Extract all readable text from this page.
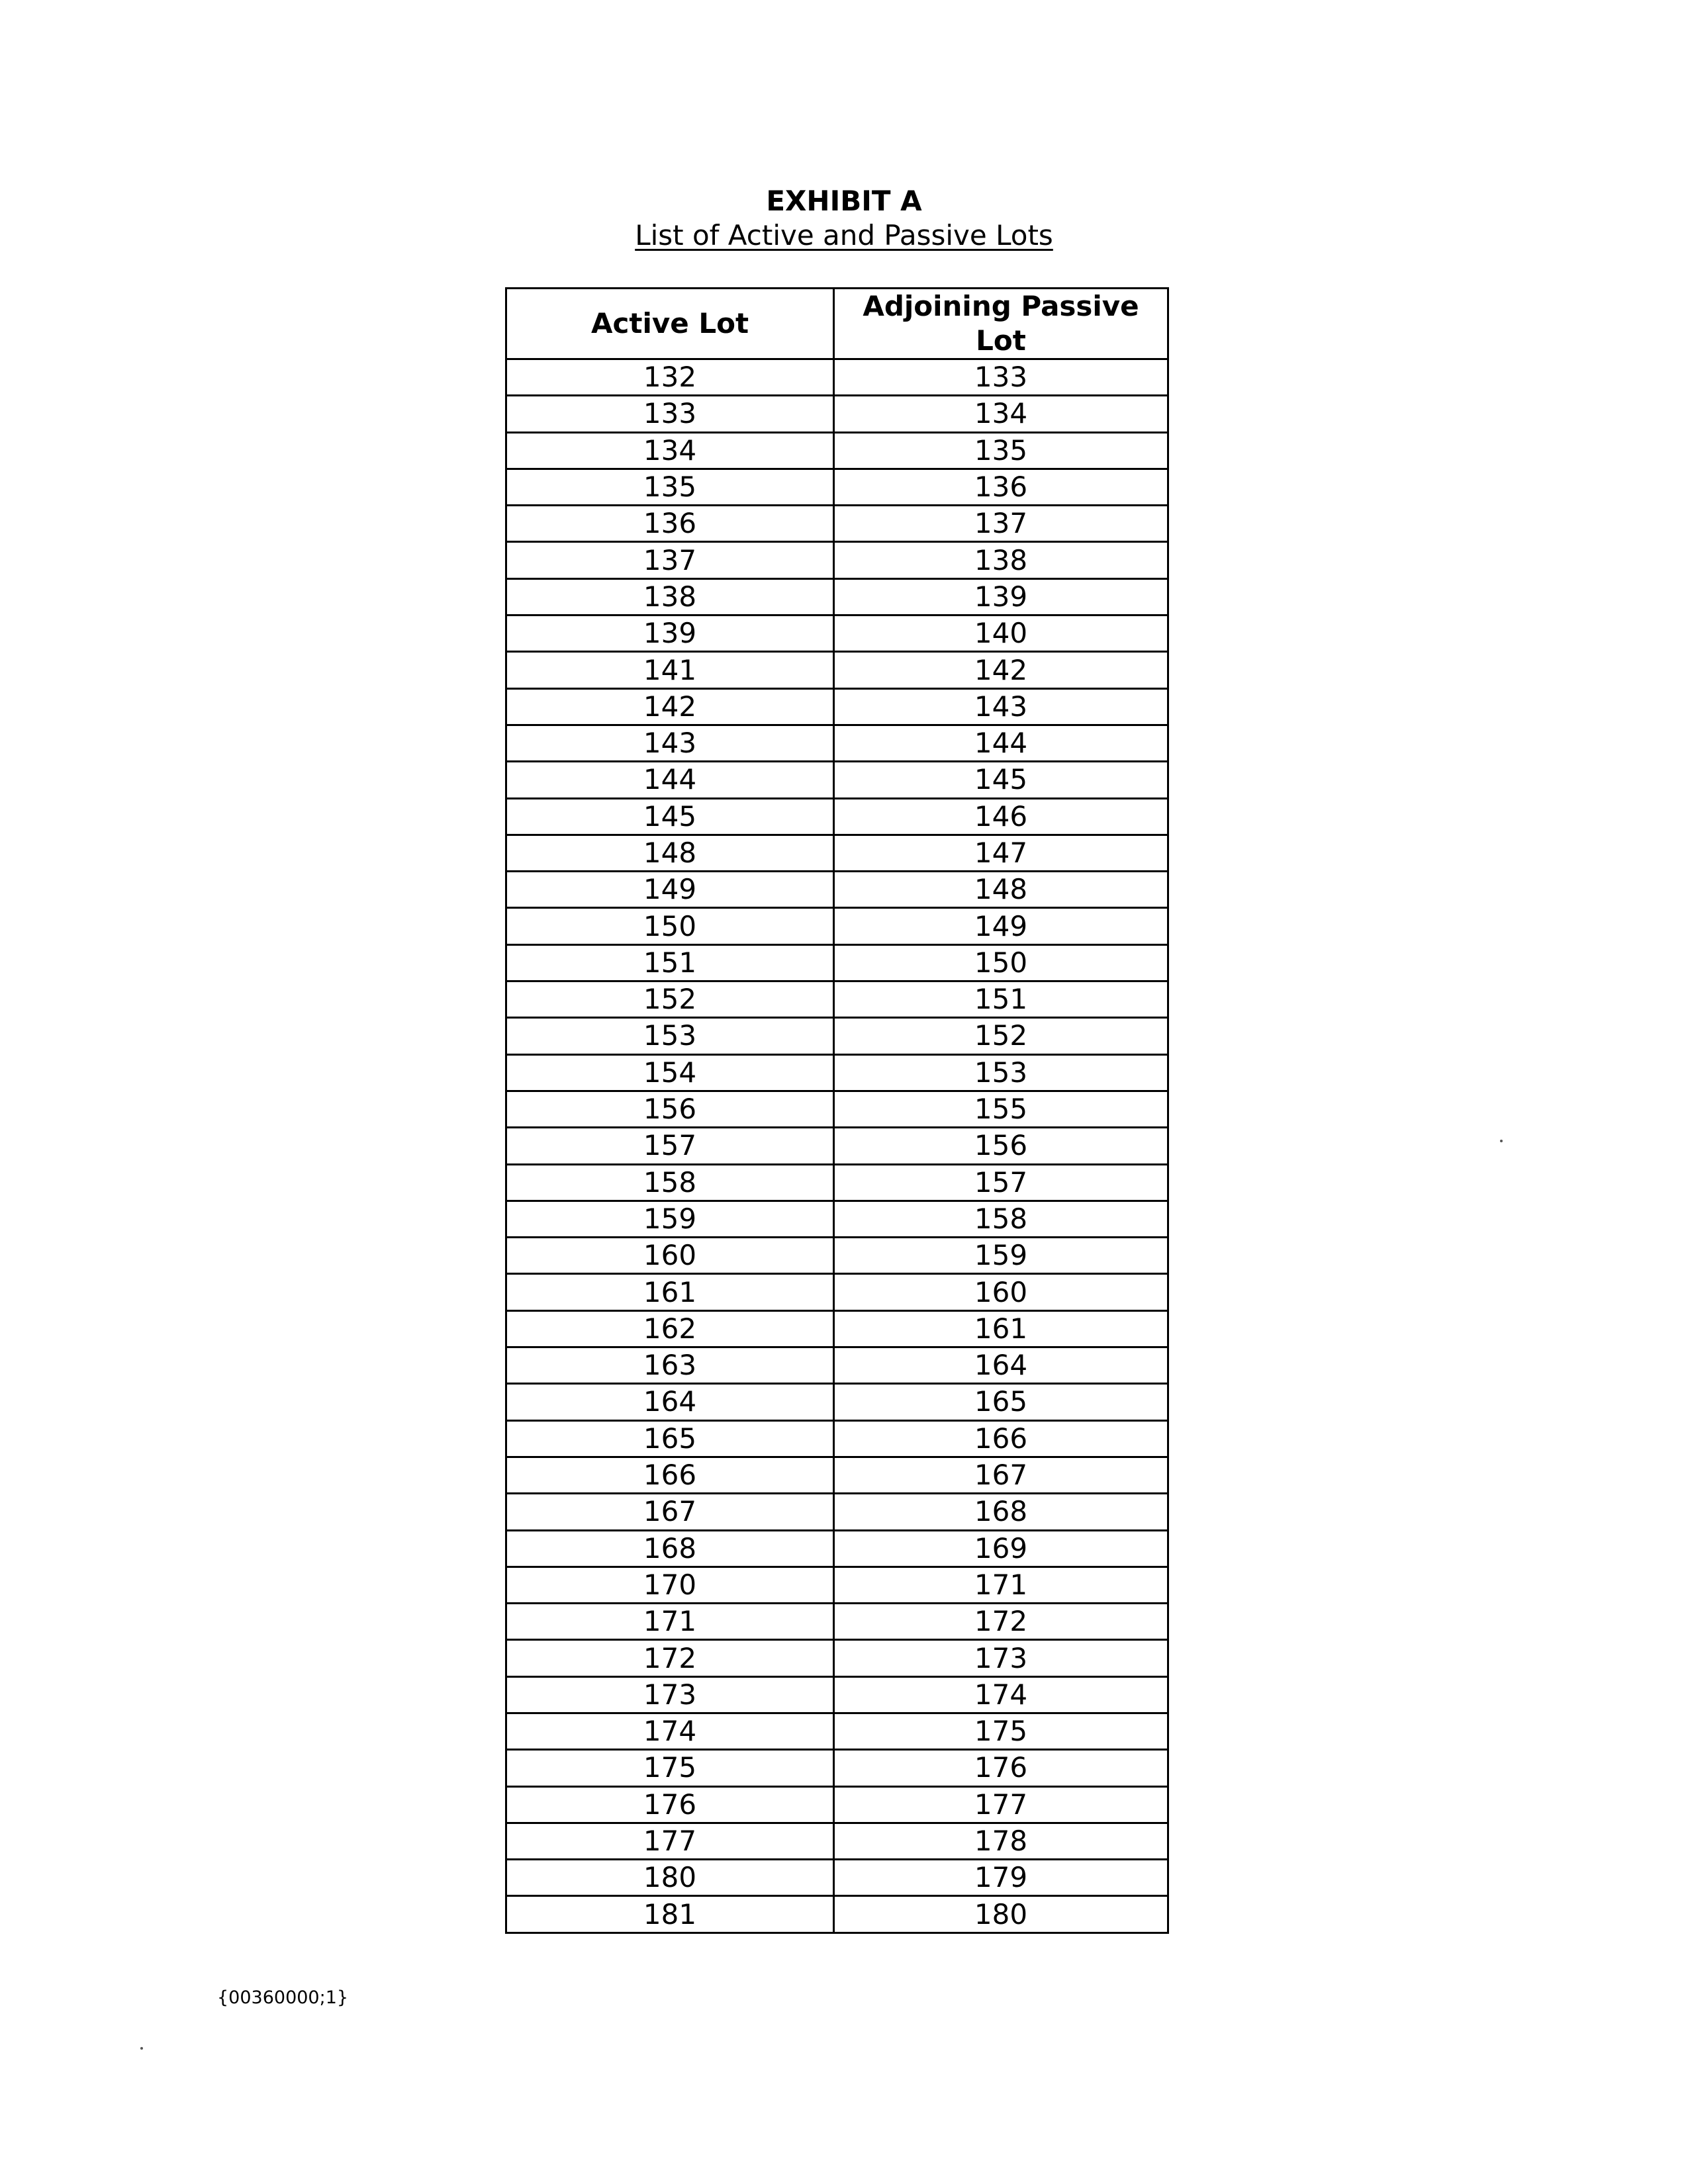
EXHIBIT A
List of Active and Passive Lots
Active Lot	Adjoining Passive Lot
132	133
133	134
134	135
135	136
136	137
137	138
138	139
139	140
141	142
142	143
143	144
144	145
145	146
148	147
149	148
150	149
151	150
152	151
153	152
154	153
156	155
157	156
158	157
159	158
160	159
161	160
162	161
163	164
164	165
165	166
166	167
167	168
168	169
170	171
171	172
172	173
173	174
174	175
175	176
176	177
177	178
180	179
181	180
{00360000;1}
